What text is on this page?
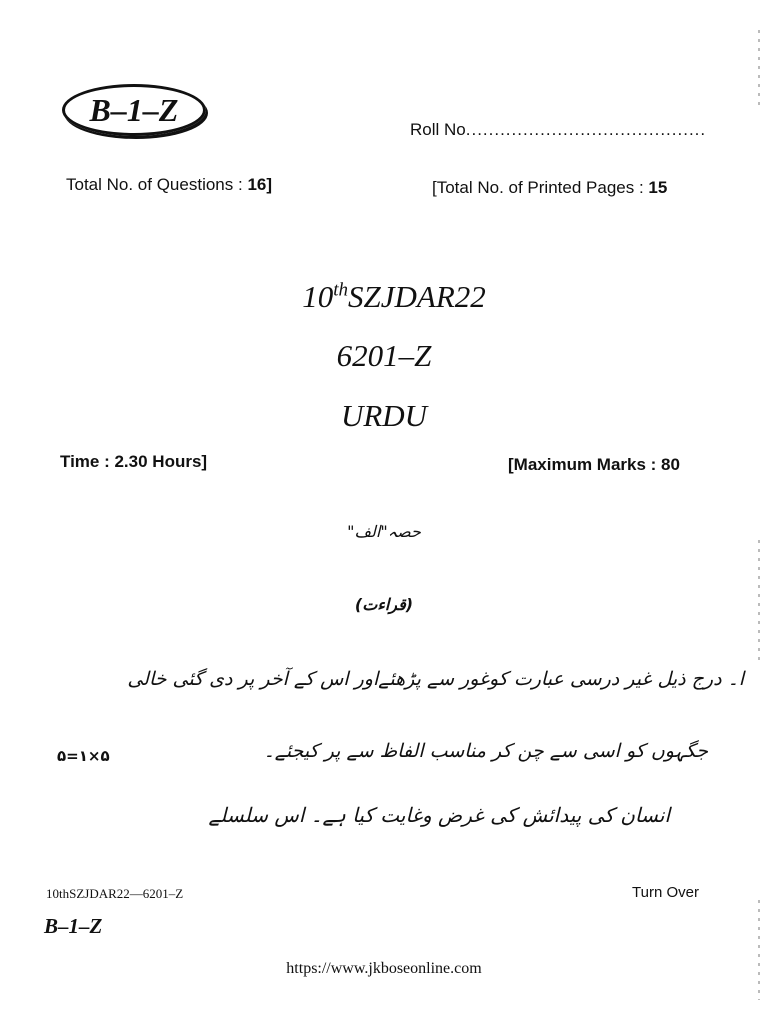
B–1–Z
Roll No..........................................
Total No. of Questions : 16]	[Total No. of Printed Pages : 15
10thSZJDAR22
6201–Z
URDU
Time : 2.30 Hours]	[Maximum Marks : 80
حصہ"الف"
(قراءت)
ا۔ درج ذیل غیر درسی عبارت کوغور سے پڑھئےاور اس کے آخر پر دی گئی خالی
جگہوں کو اسی سے چن کر مناسب الفاظ سے پر کیجئے۔
۵=۱×۵
انسان کی پیدائش کی غرض وغایت کیا ہے۔ اس سلسلے
10thSZJDAR22—6201–Z	Turn Over
B–1–Z
https://www.jkboseonline.com
